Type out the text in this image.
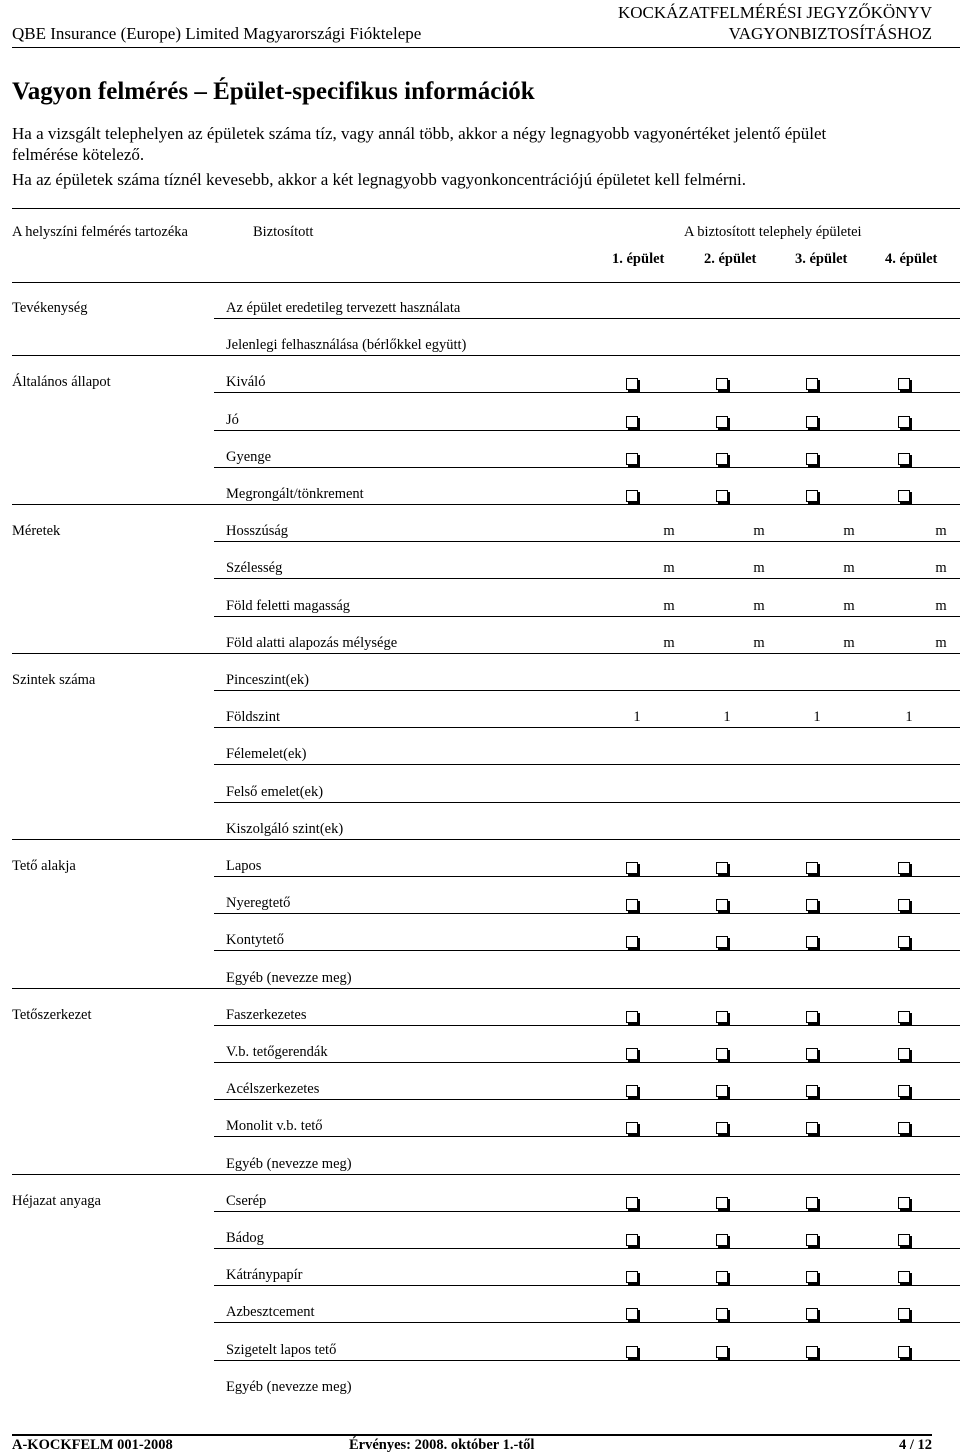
QBE Insurance (Europe) Limited Magyarországi Fióktelepe
KOCKÁZATFELMÉRÉSI JEGYZŐKÖNYV
VAGYONBIZTOSÍTÁSHOZ
Vagyon felmérés – Épület-specifikus információk
Ha a vizsgált telephelyen az épületek száma tíz, vagy annál több, akkor a négy legnagyobb vagyonértéket jelentő épület
felmérése kötelező.
Ha az épületek száma tíznél kevesebb, akkor a két legnagyobb vagyonkoncentrációjú épületet kell felmérni.
A helyszíni felmérés tartozéka	Biztosított	A biztosított telephely épületei
1. épület	2. épület	3. épület	4. épület
Tevékenység	Az épület eredetileg tervezett használata
Jelenlegi felhasználása (bérlőkkel együtt)
Általános állapot	Kiváló
Jó
Gyenge
Megrongált/tönkrement
Méretek	Hosszúság	m	m	m	m
Szélesség	m	m	m	m
Föld feletti magasság	m	m	m	m
Föld alatti alapozás mélysége	m	m	m	m
Szintek száma	Pinceszint(ek)
Földszint	1	1	1	1
Félemelet(ek)
Felső emelet(ek)
Kiszolgáló szint(ek)
Tető alakja	Lapos
Nyeregtető
Kontytető
Egyéb (nevezze meg)
Tetőszerkezet	Faszerkezetes
V.b. tetőgerendák
Acélszerkezetes
Monolit v.b. tető
Egyéb (nevezze meg)
Héjazat anyaga	Cserép
Bádog
Kátránypapír
Azbesztcement
Szigetelt lapos tető
Egyéb (nevezze meg)
A-KOCKFELM 001-2008	Érvényes: 2008. október 1.-től	4 / 12
